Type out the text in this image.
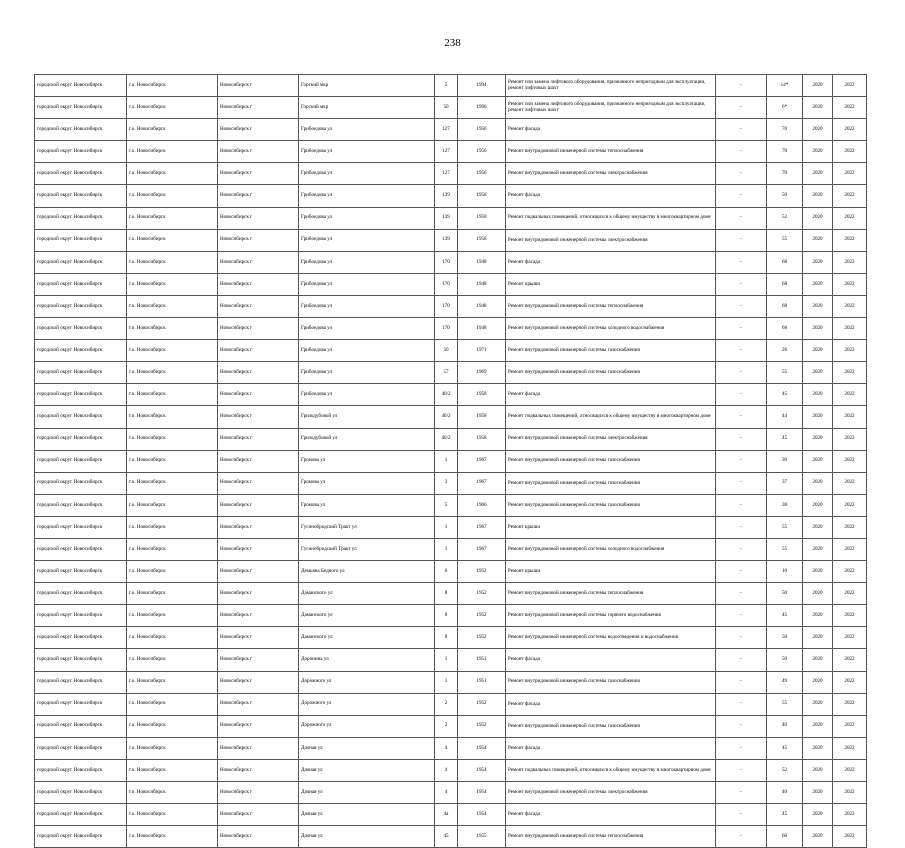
238
городской округ Новосибирск	г.о. Новосибирск	Новосибирск г	Горский мкр	5	1994	Ремонт или замена лифтового оборудования, признанного непригодным для эксплуатации, ремонт лифтовых шахт	-	14*	2020	2022
городской округ Новосибирск	г.о. Новосибирск	Новосибирск г	Горский мкр	50	1996	Ремонт или замена лифтового оборудования, признанного непригодным для эксплуатации, ремонт лифтовых шахт	-	6*	2020	2022
городской округ Новосибирск	г.о. Новосибирск	Новосибирск г	Грибоедова ул	127	1956	Ремонт фасада	-	70	2020	2022
городской округ Новосибирск	г.о. Новосибирск	Новосибирск г	Грибоедова ул	127	1956	Ремонт внутридомовой инженерной системы теплоснабжения	-	70	2020	2022
городской округ Новосибирск	г.о. Новосибирск	Новосибирск г	Грибоедова ул	127	1956	Ремонт внутридомовой инженерной системы электроснабжения	-	70	2020	2022
городской округ Новосибирск	г.о. Новосибирск	Новосибирск г	Грибоедова ул	139	1958	Ремонт фасада	-	50	2020	2022
городской округ Новосибирск	г.о. Новосибирск	Новосибирск г	Грибоедова ул	139	1958	Ремонт подвальных помещений, относящихся к общему имуществу в многоквартирном доме	-	52	2020	2022
городской округ Новосибирск	г.о. Новосибирск	Новосибирск г	Грибоедова ул	139	1958	Ремонт внутридомовой инженерной системы электроснабжения	-	55	2020	2022
городской округ Новосибирск	г.о. Новосибирск	Новосибирск г	Грибоедова ул	170	1948	Ремонт фасада	-	68	2020	2022
городской округ Новосибирск	г.о. Новосибирск	Новосибирск г	Грибоедова ул	170	1948	Ремонт крыши	-	68	2020	2022
городской округ Новосибирск	г.о. Новосибирск	Новосибирск г	Грибоедова ул	170	1948	Ремонт внутридомовой инженерной системы теплоснабжения	-	68	2020	2022
городской округ Новосибирск	г.о. Новосибирск	Новосибирск г	Грибоедова ул	170	1948	Ремонт внутридомовой инженерной системы холодного водоснабжения	-	68	2020	2022
городской округ Новосибирск	г.о. Новосибирск	Новосибирск г	Грибоедова ул	50	1971	Ремонт внутридомовой инженерной системы газоснабжения	-	26	2020	2022
городской округ Новосибирск	г.о. Новосибирск	Новосибирск г	Грибоедова ул	57	1969	Ремонт внутридомовой инженерной системы газоснабжения	-	55	2020	2022
городской округ Новосибирск	г.о. Новосибирск	Новосибирск г	Грибоедова ул	40/2	1958	Ремонт фасада	-	45	2020	2022
городской округ Новосибирск	г.о. Новосибирск	Новосибирск г	Гризодубовой ул	40/2	1958	Ремонт подвальных помещений, относящихся к общему имуществу в многоквартирном доме	-	44	2020	2022
городской округ Новосибирск	г.о. Новосибирск	Новосибирск г	Гризодубовой ул	40/2	1958	Ремонт внутридомовой инженерной системы электроснабжения	-	45	2020	2022
городской округ Новосибирск	г.о. Новосибирск	Новосибирск г	Громова ул	1	1967	Ремонт внутридомовой инженерной системы газоснабжения	-	30	2020	2022
городской округ Новосибирск	г.о. Новосибирск	Новосибирск г	Громова ул	3	1967	Ремонт внутридомовой инженерной системы газоснабжения	-	37	2020	2022
городской округ Новосибирск	г.о. Новосибирск	Новосибирск г	Громова ул	5	1966	Ремонт внутридомовой инженерной системы газоснабжения	-	38	2020	2022
городской округ Новосибирск	г.о. Новосибирск	Новосибирск г	Гусинобродский Тракт ул	1	1967	Ремонт крыши	-	55	2020	2022
городской округ Новосибирск	г.о. Новосибирск	Новосибирск г	Гусинобродский Тракт ул	1	1967	Ремонт внутридомовой инженерной системы холодного водоснабжения	-	55	2020	2022
городской округ Новосибирск	г.о. Новосибирск	Новосибирск г	Демьяна Бедного ул	6	1952	Ремонт крыши	-	10	2020	2022
городской округ Новосибирск	г.о. Новосибирск	Новосибирск г	Даманского ул	8	1952	Ремонт внутридомовой инженерной системы теплоснабжения	-	50	2020	2022
городской округ Новосибирск	г.о. Новосибирск	Новосибирск г	Даманского ул	8	1952	Ремонт внутридомовой инженерной системы горячего водоснабжения	-	45	2020	2022
городской округ Новосибирск	г.о. Новосибирск	Новосибирск г	Даманского ул	8	1952	Ремонт внутридомовой инженерной системы водоотведения и водоснабжения	-	50	2020	2022
городской округ Новосибирск	г.о. Новосибирск	Новосибирск г	Доронина ул	1	1951	Ремонт фасада	-	50	2020	2022
городской округ Новосибирск	г.о. Новосибирск	Новосибирск г	Дорожного ул	1	1951	Ремонт внутридомовой инженерной системы газоснабжения	-	49	2020	2022
городской округ Новосибирск	г.о. Новосибирск	Новосибирск г	Дорожного ул	2	1952	Ремонт фасада	-	55	2020	2022
городской округ Новосибирск	г.о. Новосибирск	Новосибирск г	Дорожного ул	2	1952	Ремонт внутридомовой инженерной системы газоснабжения	-	40	2020	2022
городской округ Новосибирск	г.о. Новосибирск	Новосибирск г	Дачная ул	4	1954	Ремонт фасада	-	45	2020	2022
городской округ Новосибирск	г.о. Новосибирск	Новосибирск г	Дачная ул	4	1954	Ремонт подвальных помещений, относящихся к общему имуществу в многоквартирном доме	-	52	2020	2022
городской округ Новосибирск	г.о. Новосибирск	Новосибирск г	Дачная ул	4	1954	Ремонт внутридомовой инженерной системы электроснабжения	-	40	2020	2022
городской округ Новосибирск	г.о. Новосибирск	Новосибирск г	Дачная ул	4а	1954	Ремонт фасада	-	45	2020	2022
городской округ Новосибирск	г.о. Новосибирск	Новосибирск г	Дачная ул	45	1955	Ремонт внутридомовой инженерной системы теплоснабжения	-	60	2020	2022
